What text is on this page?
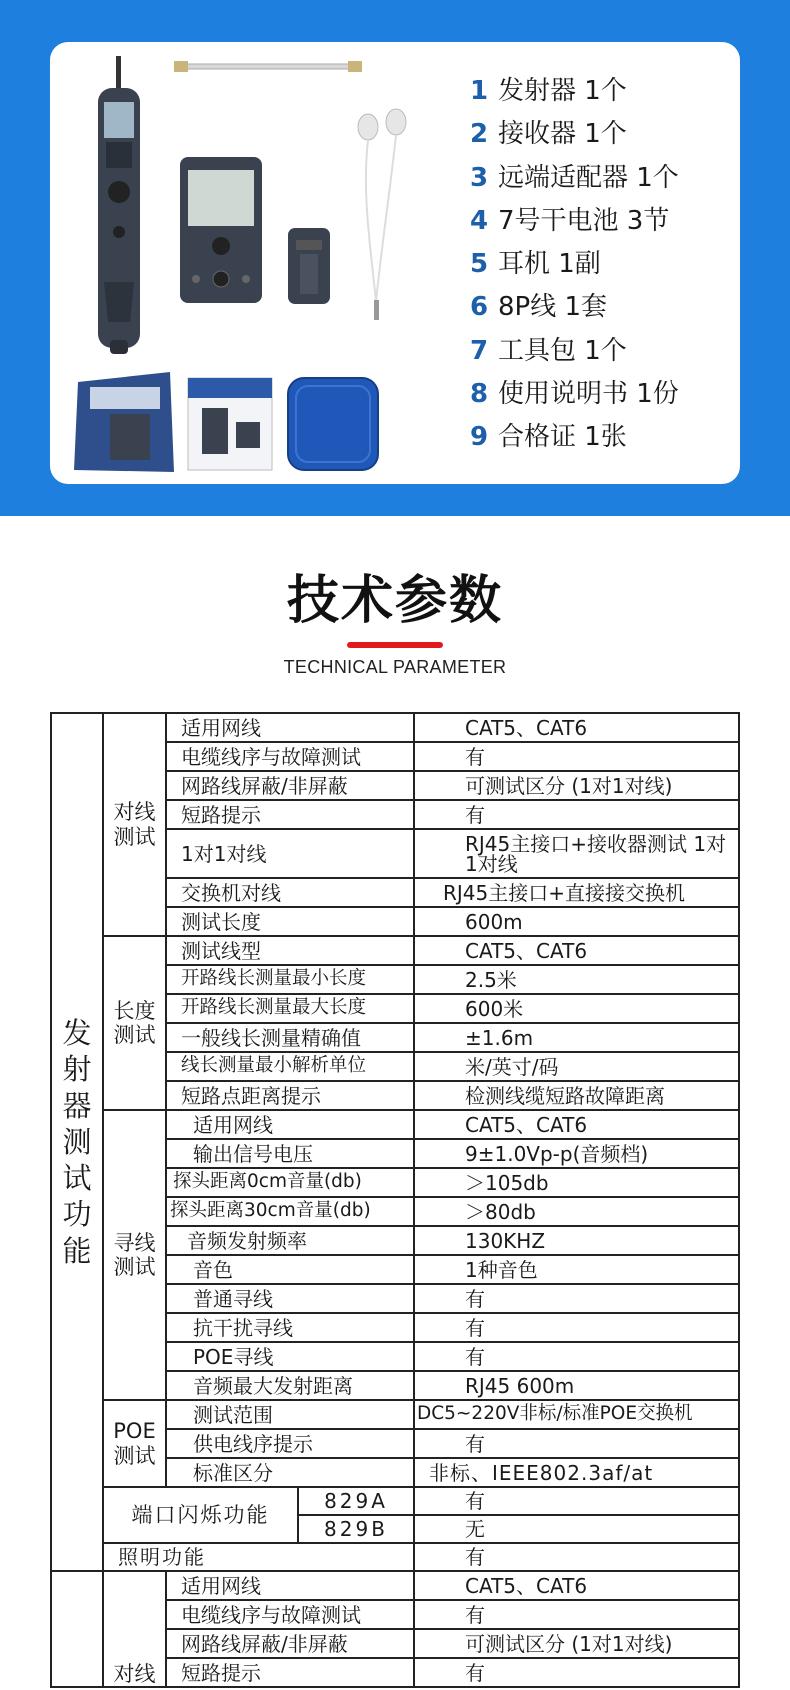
1 发射器 1个
2 接收器 1个
3 远端适配器 1个
4 7号干电池 3节
5 耳机 1副
6 8P线 1套
7 工具包 1个
8 使用说明书 1份
9 合格证 1张
技术参数
TECHNICAL PARAMETER
发射器测试功能	对线测试	适用网线		CAT5、CAT6
		电缆线序与故障测试		有
		网路线屏蔽/非屏蔽		可测试区分 (1对1对线)
		短路提示		有
		1对1对线		RJ45主接口+接收器测试 1对1对线
		交换机对线		RJ45主接口+直接接交换机
		测试长度		600m
	长度测试	测试线型		CAT5、CAT6
		开路线长测量最小长度		2.5米
		开路线长测量最大长度		600米
		一般线长测量精确值		±1.6m
		线长测量最小解析单位		米/英寸/码
		短路点距离提示		检测线缆短路故障距离
	寻线测试	适用网线		CAT5、CAT6
		输出信号电压		9±1.0Vp-p(音频档)
		探头距离0cm音量(db)		＞105db
		探头距离30cm音量(db)		＞80db
		音频发射频率		130KHZ
		音色		1种音色
		普通寻线		有
		抗干扰寻线		有
		POE寻线		有
		音频最大发射距离		RJ45 600m
	POE测试	测试范围		DC5~220V非标/标准POE交换机
		供电线序提示		有
		标准区分		非标、IEEE802.3af/at
	端口闪烁功能		829A	有
			829B	无
	照明功能			有
	对线	适用网线		CAT5、CAT6
		电缆线序与故障测试		有
		网路线屏蔽/非屏蔽		可测试区分 (1对1对线)
		短路提示		有
